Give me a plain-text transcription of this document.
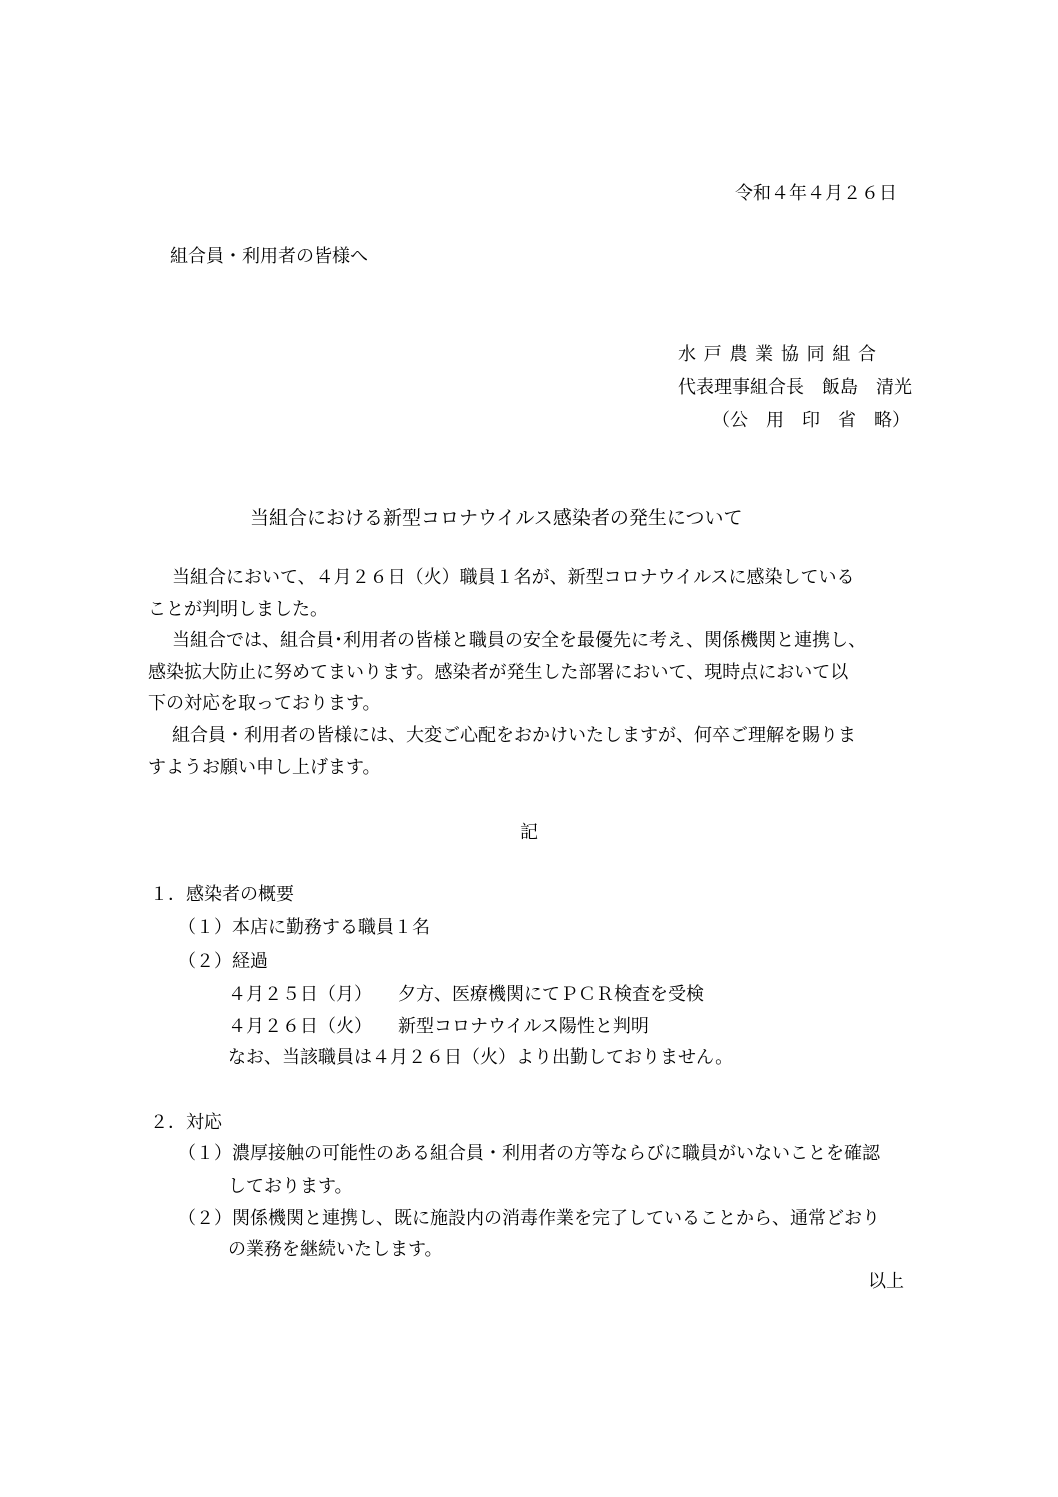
令和４年４月２６日
組合員・利用者の皆様へ
水 戸 農 業 協 同 組 合
代表理事組合長　飯島　清光
（公　用　印　省　略）
当組合における新型コロナウイルス感染者の発生について
当組合において、４月２６日（火）職員１名が、新型コロナウイルスに感染している
ことが判明しました。
当組合では、組合員･利用者の皆様と職員の安全を最優先に考え、関係機関と連携し、
感染拡大防止に努めてまいります。感染者が発生した部署において、現時点において以
下の対応を取っております。
組合員・利用者の皆様には、大変ご心配をおかけいたしますが、何卒ご理解を賜りま
すようお願い申し上げます。
記
１．感染者の概要
（１）本店に勤務する職員１名
（２）経過
４月２５日（月） 夕方、医療機関にてＰＣＲ検査を受検
４月２６日（火） 新型コロナウイルス陽性と判明
なお、当該職員は４月２６日（火）より出勤しておりません。
２．対応
（１）濃厚接触の可能性のある組合員・利用者の方等ならびに職員がいないことを確認
しております。
（２）関係機関と連携し、既に施設内の消毒作業を完了していることから、通常どおり
の業務を継続いたします。
以上
